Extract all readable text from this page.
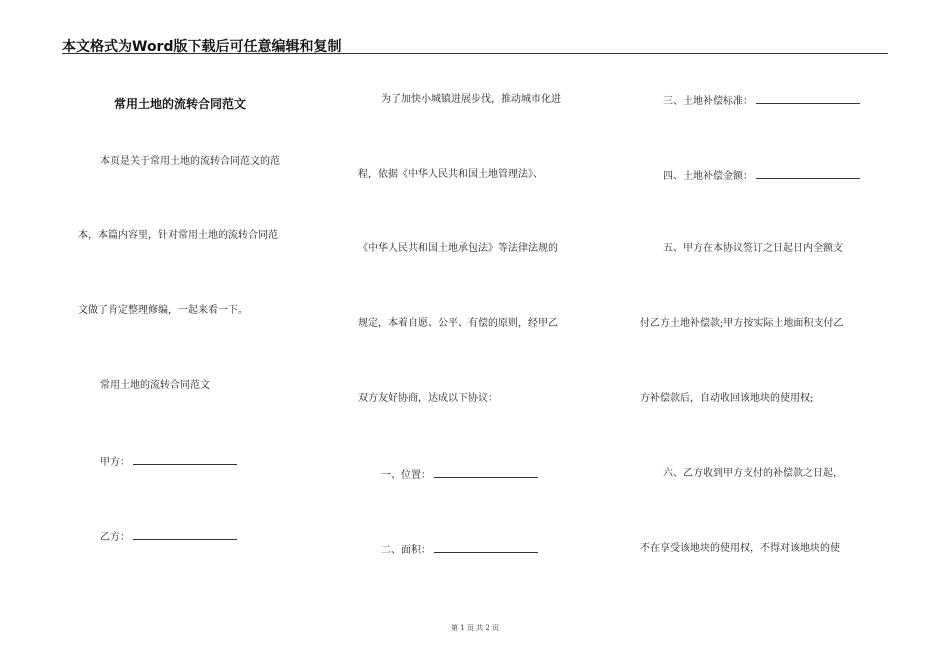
本文格式为Word版下载后可任意编辑和复制
常用土地的流转合同范文
本页是关于常用土地的流转合同范文的范
本，本篇内容里，针对常用土地的流转合同范
文做了肯定整理修编，一起来看一下。
常用土地的流转合同范文
甲方：
乙方：
为了加快小城镇进展步伐，推动城市化进
程，依据《中华人民共和国土地管理法》、
《中华人民共和国土地承包法》等法律法规的
规定，本着自愿、公平、有偿的原则，经甲乙
双方友好协商，达成以下协议：
一、位置：
二、面积：
三、土地补偿标准：
四、土地补偿金额：
五、甲方在本协议签订之日起日内全额支
付乙方土地补偿款;甲方按实际土地面积支付乙
方补偿款后，自动收回该地块的使用权;
六、乙方收到甲方支付的补偿款之日起，
不在享受该地块的使用权，不得对该地块的使
第 1 页 共 2 页
